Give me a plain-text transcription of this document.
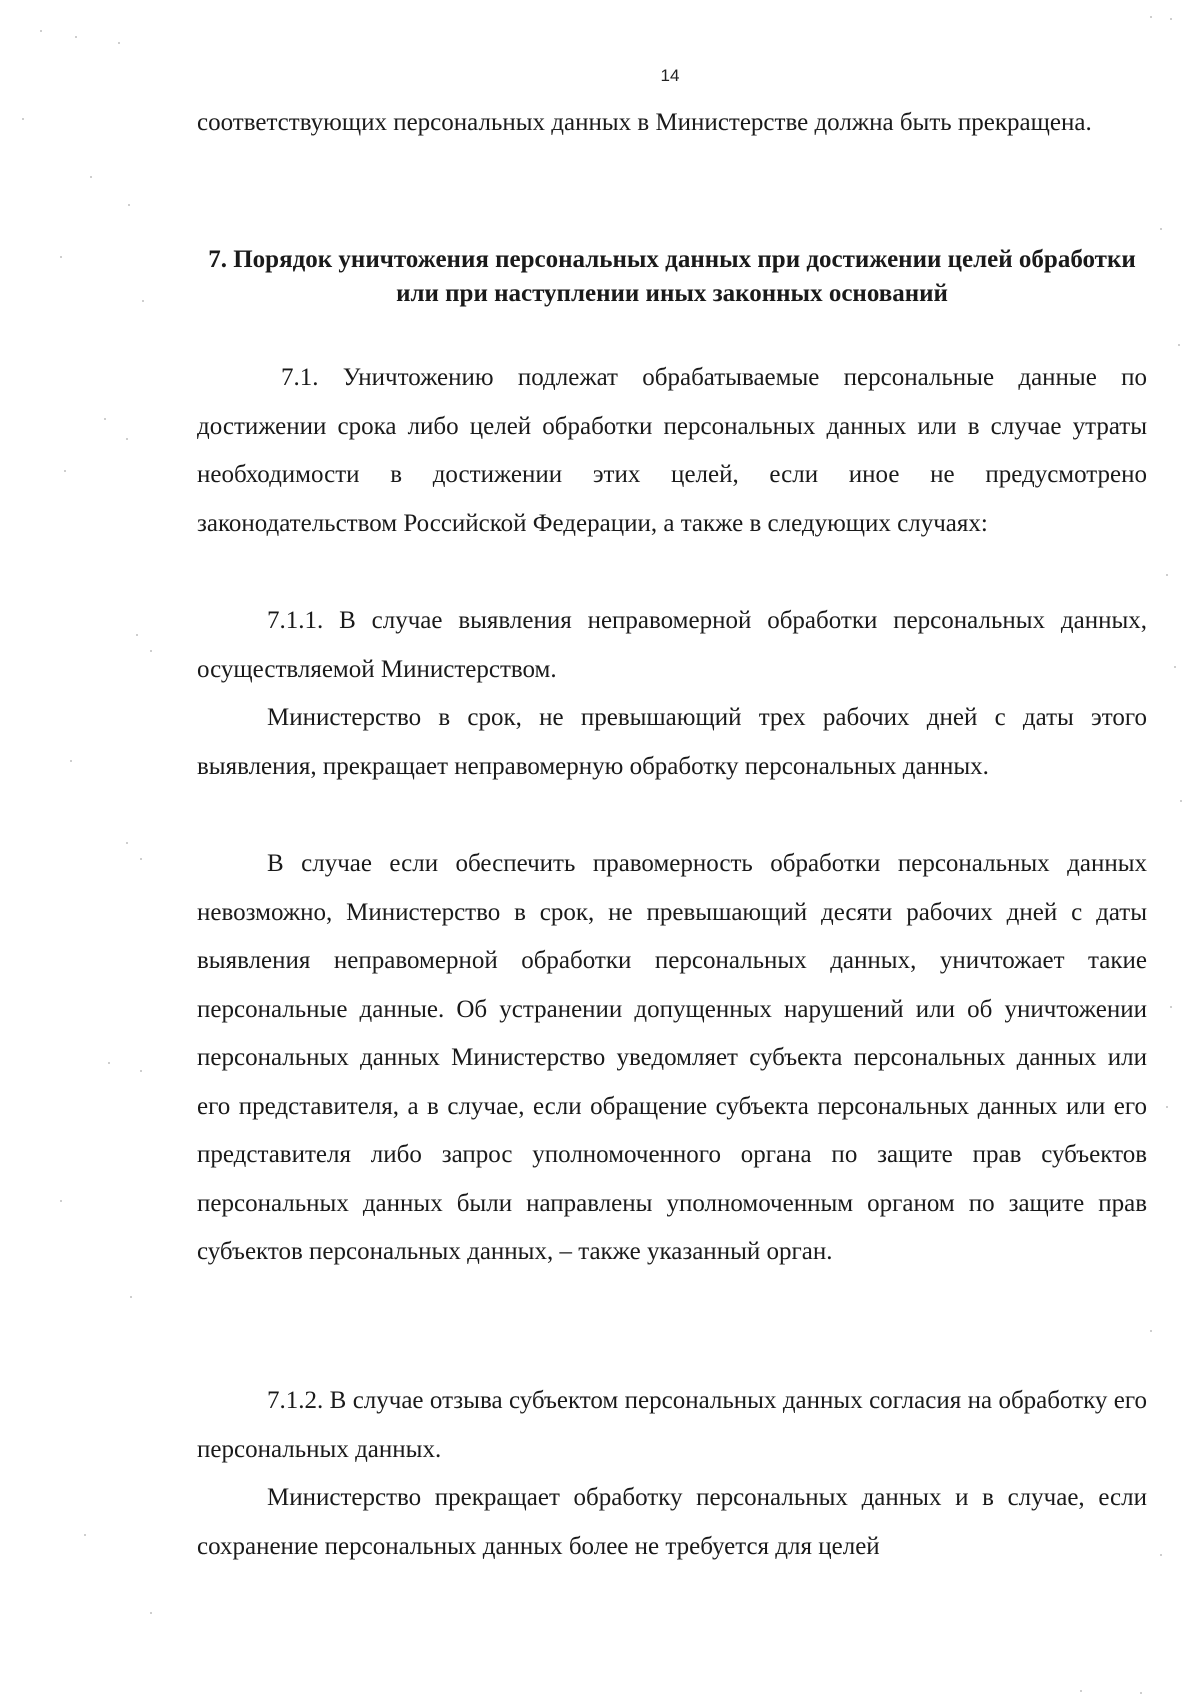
14

соответствующих персональных данных в Министерстве должна быть прекращена.

7. Порядок уничтожения персональных данных при достижении целей обработки или при наступлении иных законных оснований

7.1. Уничтожению подлежат обрабатываемые персональные данные по достижении срока либо целей обработки персональных данных или в случае утраты необходимости в достижении этих целей, если иное не предусмотрено законодательством Российской Федерации, а также в следующих случаях:

7.1.1. В случае выявления неправомерной обработки персональных данных, осуществляемой Министерством.

Министерство в срок, не превышающий трех рабочих дней с даты этого выявления, прекращает неправомерную обработку персональных данных.

В случае если обеспечить правомерность обработки персональных данных невозможно, Министерство в срок, не превышающий десяти рабочих дней с даты выявления неправомерной обработки персональных данных, уничтожает такие персональные данные. Об устранении допущенных нарушений или об уничтожении персональных данных Министерство уведомляет субъекта персональных данных или его представителя, а в случае, если обращение субъекта персональных данных или его представителя либо запрос уполномоченного органа по защите прав субъектов персональных данных были направлены уполномоченным органом по защите прав субъектов персональных данных, – также указанный орган.

7.1.2. В случае отзыва субъектом персональных данных согласия на обработку его персональных данных.

Министерство прекращает обработку персональных данных и в случае, если сохранение персональных данных более не требуется для целей
